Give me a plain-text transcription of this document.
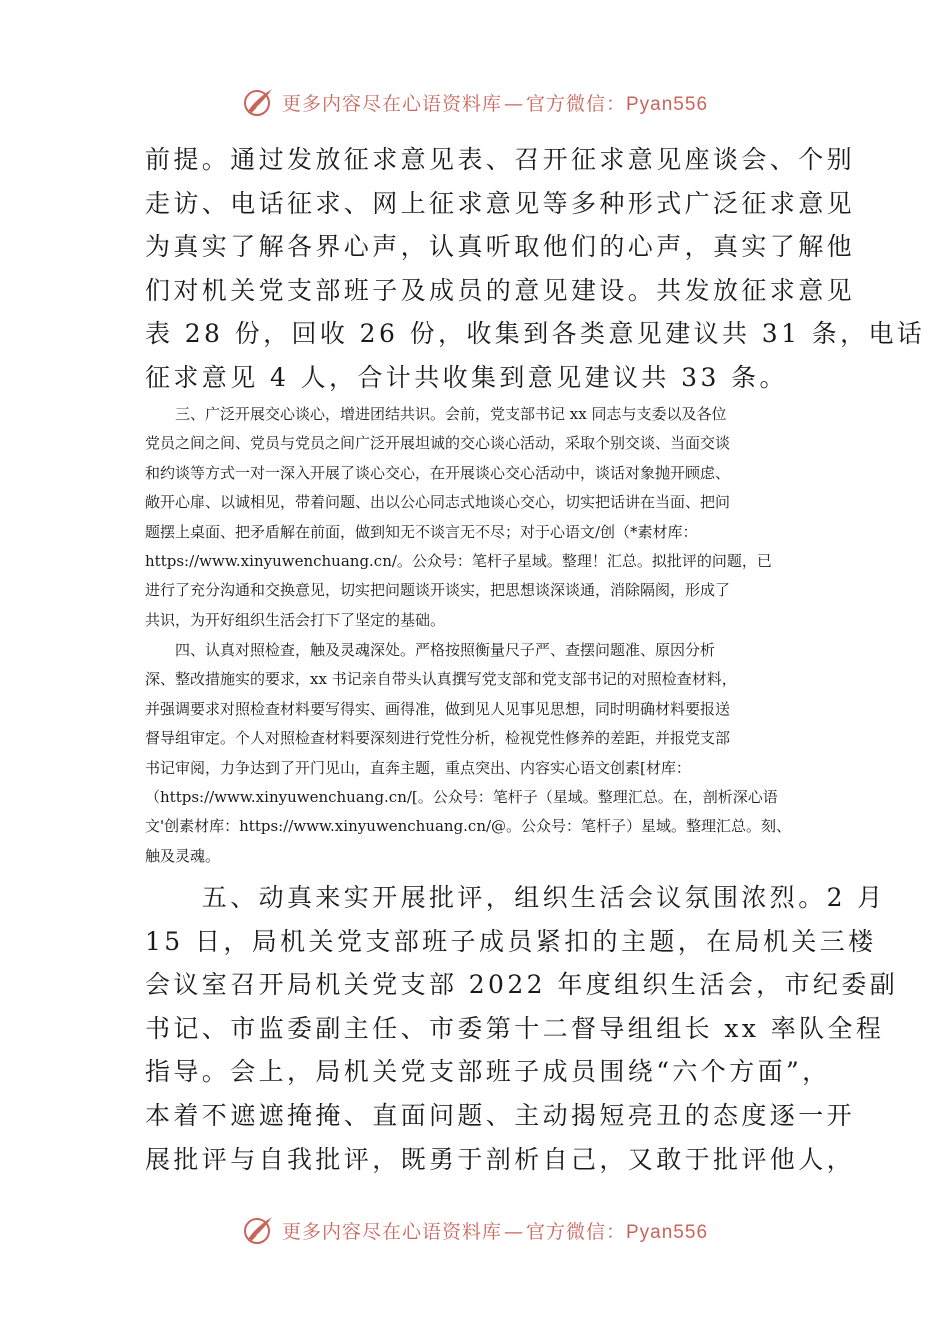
更多内容尽在心语资料库 — 官方微信：Pyan556
前提。通过发放征求意见表、召开征求意见座谈会、个别
走访、电话征求、网上征求意见等多种形式广泛征求意见
为真实了解各界心声，认真听取他们的心声，真实了解他
们对机关党支部班子及成员的意见建设。共发放征求意见
表 28 份，回收 26 份，收集到各类意见建议共 31 条，电话
征求意见 4 人，合计共收集到意见建议共 33 条。
　　三、广泛开展交心谈心，增进团结共识。会前，党支部书记 xx 同志与支委以及各位
党员之间之间、党员与党员之间广泛开展坦诚的交心谈心活动，采取个别交谈、当面交谈
和约谈等方式一对一深入开展了谈心交心，在开展谈心交心活动中，谈话对象抛开顾虑、
敞开心扉、以诚相见，带着问题、出以公心同志式地谈心交心，切实把话讲在当面、把问
题摆上桌面、把矛盾解在前面，做到知无不谈言无不尽；对于心语文/创（*素材库：
https://www.xinyuwenchuang.cn/。公众号：笔杆子星域。整理！汇总。拟批评的问题，已
进行了充分沟通和交换意见，切实把问题谈开谈实，把思想谈深谈通，消除隔阂，形成了
共识，为开好组织生活会打下了坚定的基础。
　　四、认真对照检查，触及灵魂深处。严格按照衡量尺子严、查摆问题准、原因分析
深、整改措施实的要求，xx 书记亲自带头认真撰写党支部和党支部书记的对照检查材料，
并强调要求对照检查材料要写得实、画得准，做到见人见事见思想，同时明确材料要报送
督导组审定。个人对照检查材料要深刻进行党性分析，检视党性修养的差距，并报党支部
书记审阅，力争达到了开门见山，直奔主题，重点突出、内容实心语文创素[材库：
（https://www.xinyuwenchuang.cn/[。公众号：笔杆子（星域。整理汇总。在，剖析深心语
文'创素材库：https://www.xinyuwenchuang.cn/@。公众号：笔杆子）星域。整理汇总。刻、
触及灵魂。
　　五、动真来实开展批评，组织生活会议氛围浓烈。2 月
15 日，局机关党支部班子成员紧扣的主题，在局机关三楼
会议室召开局机关党支部 2022 年度组织生活会，市纪委副
书记、市监委副主任、市委第十二督导组组长 xx 率队全程
指导。会上，局机关党支部班子成员围绕“六个方面”，
本着不遮遮掩掩、直面问题、主动揭短亮丑的态度逐一开
展批评与自我批评，既勇于剖析自己，又敢于批评他人，
更多内容尽在心语资料库 — 官方微信：Pyan556
